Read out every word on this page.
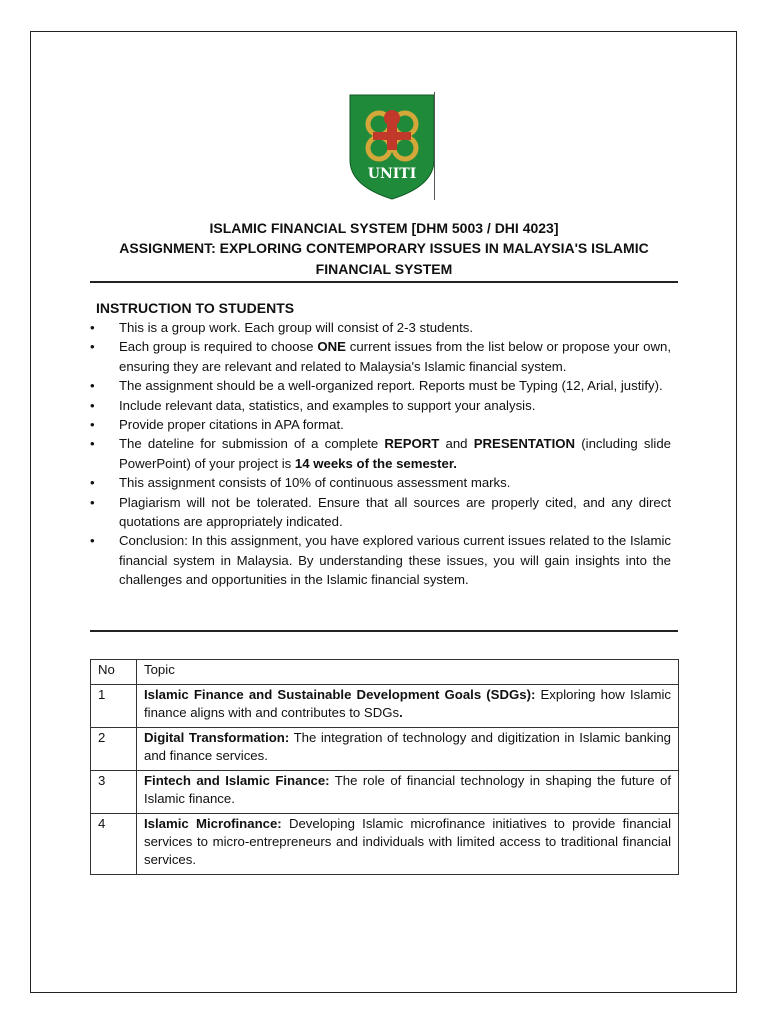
UNITI
ISLAMIC FINANCIAL SYSTEM [DHM 5003 / DHI 4023]
ASSIGNMENT: EXPLORING CONTEMPORARY ISSUES IN MALAYSIA'S ISLAMIC
FINANCIAL SYSTEM
INSTRUCTION TO STUDENTS
• This is a group work. Each group will consist of 2-3 students.
• Each group is required to choose ONE current issues from the list below or propose your own, ensuring they are relevant and related to Malaysia's Islamic financial system.
• The assignment should be a well-organized report. Reports must be Typing (12, Arial, justify).
• Include relevant data, statistics, and examples to support your analysis.
• Provide proper citations in APA format.
• The dateline for submission of a complete REPORT and PRESENTATION (including slide PowerPoint) of your project is 14 weeks of the semester.
• This assignment consists of 10% of continuous assessment marks.
• Plagiarism will not be tolerated. Ensure that all sources are properly cited, and any direct quotations are appropriately indicated.
• Conclusion: In this assignment, you have explored various current issues related to the Islamic financial system in Malaysia. By understanding these issues, you will gain insights into the challenges and opportunities in the Islamic financial system.
No	Topic
1	Islamic Finance and Sustainable Development Goals (SDGs): Exploring how Islamic finance aligns with and contributes to SDGs.
2	Digital Transformation: The integration of technology and digitization in Islamic banking and finance services.
3	Fintech and Islamic Finance: The role of financial technology in shaping the future of Islamic finance.
4	Islamic Microfinance: Developing Islamic microfinance initiatives to provide financial services to micro-entrepreneurs and individuals with limited access to traditional financial services.
